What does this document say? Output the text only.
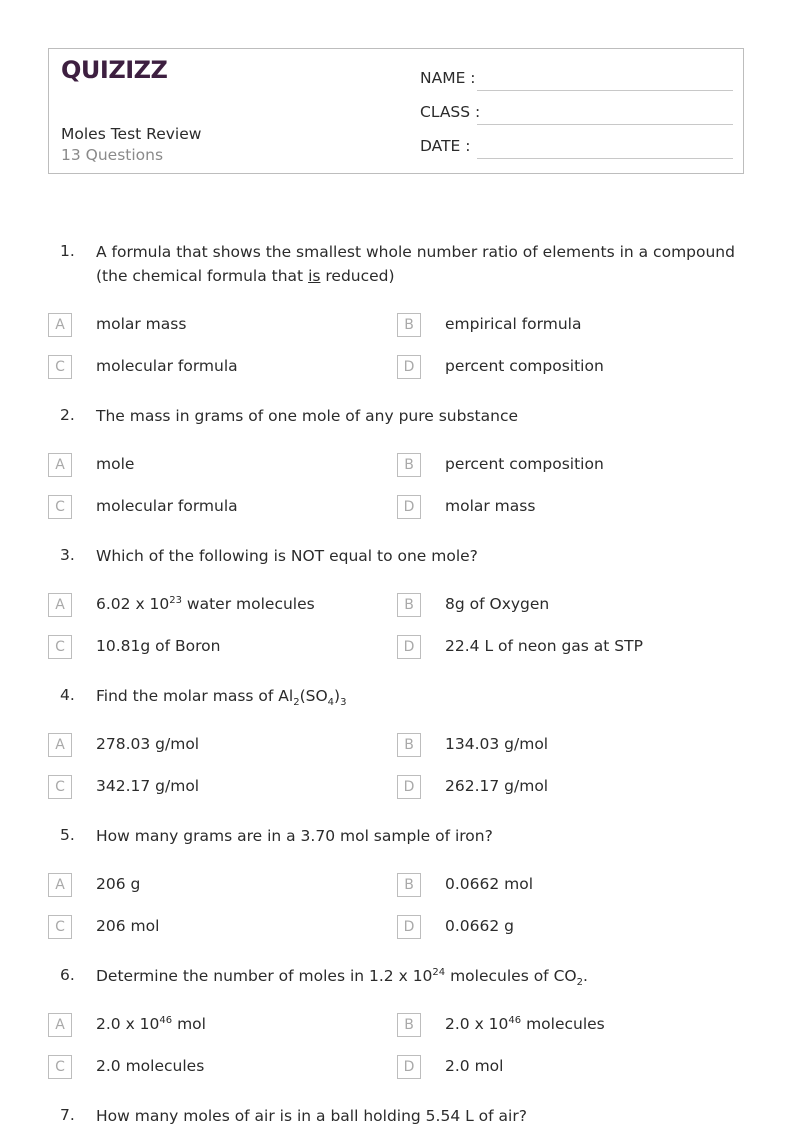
QUIZIZZ
Moles Test Review
13 Questions
NAME :
CLASS :
DATE :
1. A formula that shows the smallest whole number ratio of elements in a compound (the chemical formula that is reduced)
A	molar mass	B	empirical formula
C	molecular formula	D	percent composition
2. The mass in grams of one mole of any pure substance
A	mole	B	percent composition
C	molecular formula	D	molar mass
3. Which of the following is NOT equal to one mole?
A	6.02 x $10^{23}$ water molecules	B	8g of Oxygen
C	10.81g of Boron	D	22.4 L of neon gas at STP
4. Find the molar mass of $Al_2(SO_4)_3$
A	278.03 g/mol	B	134.03 g/mol
C	342.17 g/mol	D	262.17 g/mol
5. How many grams are in a 3.70 mol sample of iron?
A	206 g	B	0.0662 mol
C	206 mol	D	0.0662 g
6. Determine the number of moles in 1.2 x $10^{24}$ molecules of $CO_2$.
A	2.0 x $10^{46}$ mol	B	2.0 x $10^{46}$ molecules
C	2.0 molecules	D	2.0 mol
7. How many moles of air is in a ball holding 5.54 L of air?
